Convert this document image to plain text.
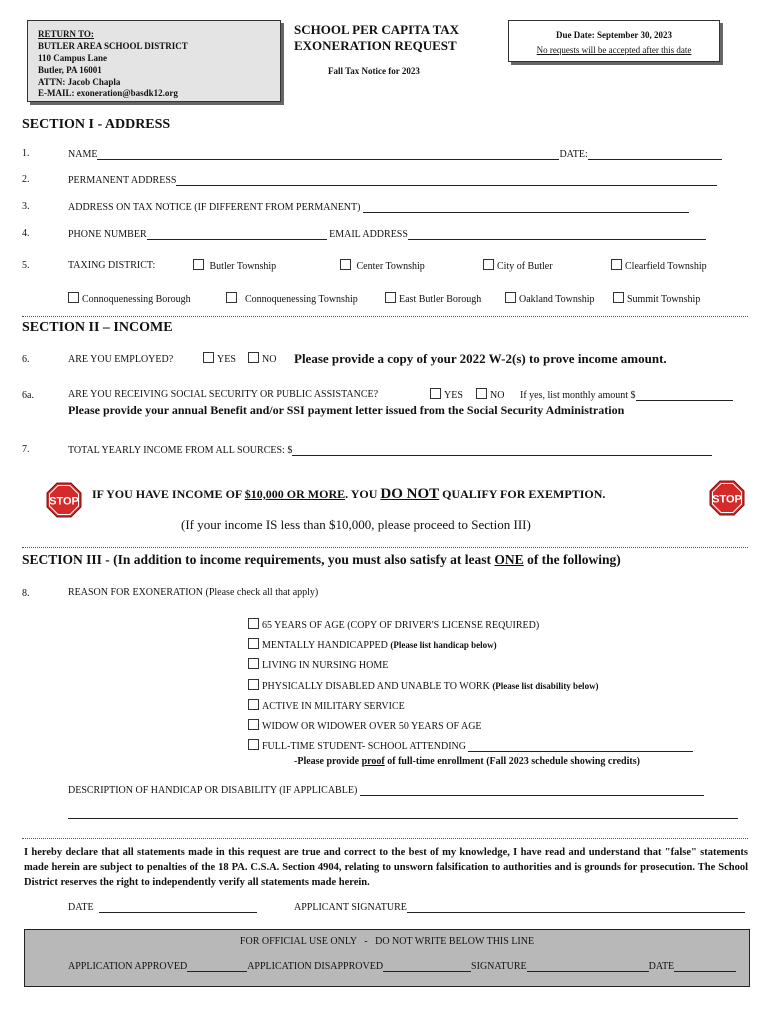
RETURN TO:
BUTLER AREA SCHOOL DISTRICT
110 Campus Lane
Butler, PA 16001
ATTN: Jacob Chapla
E-MAIL: exoneration@basdk12.org
SCHOOL PER CAPITA TAX
EXONERATION REQUEST
Fall Tax Notice for 2023
Due Date: September 30, 2023
No requests will be accepted after this date
SECTION I - ADDRESS
1.	NAME	DATE:
2.	PERMANENT ADDRESS
3.	ADDRESS ON TAX NOTICE (IF DIFFERENT FROM PERMANENT)
4.	PHONE NUMBER	EMAIL ADDRESS
5.	TAXING DISTRICT:	Butler Township	Center Township	City of Butler	Clearfield Township
Connoquenessing Borough	Connoquenessing Township	East Butler Borough	Oakland Township	Summit Township
SECTION II – INCOME
6.	ARE YOU EMPLOYED?	YES	NO Please provide a copy of your 2022 W-2(s) to prove income amount.
6a.	ARE YOU RECEIVING SOCIAL SECURITY OR PUBLIC ASSISTANCE?	YES	NO If yes, list monthly amount $
Please provide your annual Benefit and/or SSI payment letter issued from the Social Security Administration
7.	TOTAL YEARLY INCOME FROM ALL SOURCES: $
STOP
IF YOU HAVE INCOME OF $10,000 OR MORE. YOU DO NOT QUALIFY FOR EXEMPTION.	STOP
(If your income IS less than $10,000, please proceed to Section III)
SECTION III - (In addition to income requirements, you must also satisfy at least ONE of the following)
8.	REASON FOR EXONERATION (Please check all that apply)
65 YEARS OF AGE (COPY OF DRIVER'S LICENSE REQUIRED)
MENTALLY HANDICAPPED (Please list handicap below)
LIVING IN NURSING HOME
PHYSICALLY DISABLED AND UNABLE TO WORK (Please list disability below)
ACTIVE IN MILITARY SERVICE
WIDOW OR WIDOWER OVER 50 YEARS OF AGE
FULL-TIME STUDENT- SCHOOL ATTENDING
-Please provide proof of full-time enrollment (Fall 2023 schedule showing credits)
DESCRIPTION OF HANDICAP OR DISABILITY (IF APPLICABLE)
I hereby declare that all statements made in this request are true and correct to the best of my knowledge, I have read and understand that "false" statements made herein are subject to penalties of the 18 PA. C.S.A. Section 4904, relating to unsworn falsification to authorities and is grounds for prosecution. The School District reserves the right to independently verify all statements made herein.
DATE	APPLICANT SIGNATURE
FOR OFFICIAL USE ONLY   -   DO NOT WRITE BELOW THIS LINE
APPLICATION APPROVED	APPLICATION DISAPPROVED	SIGNATURE	DATE
